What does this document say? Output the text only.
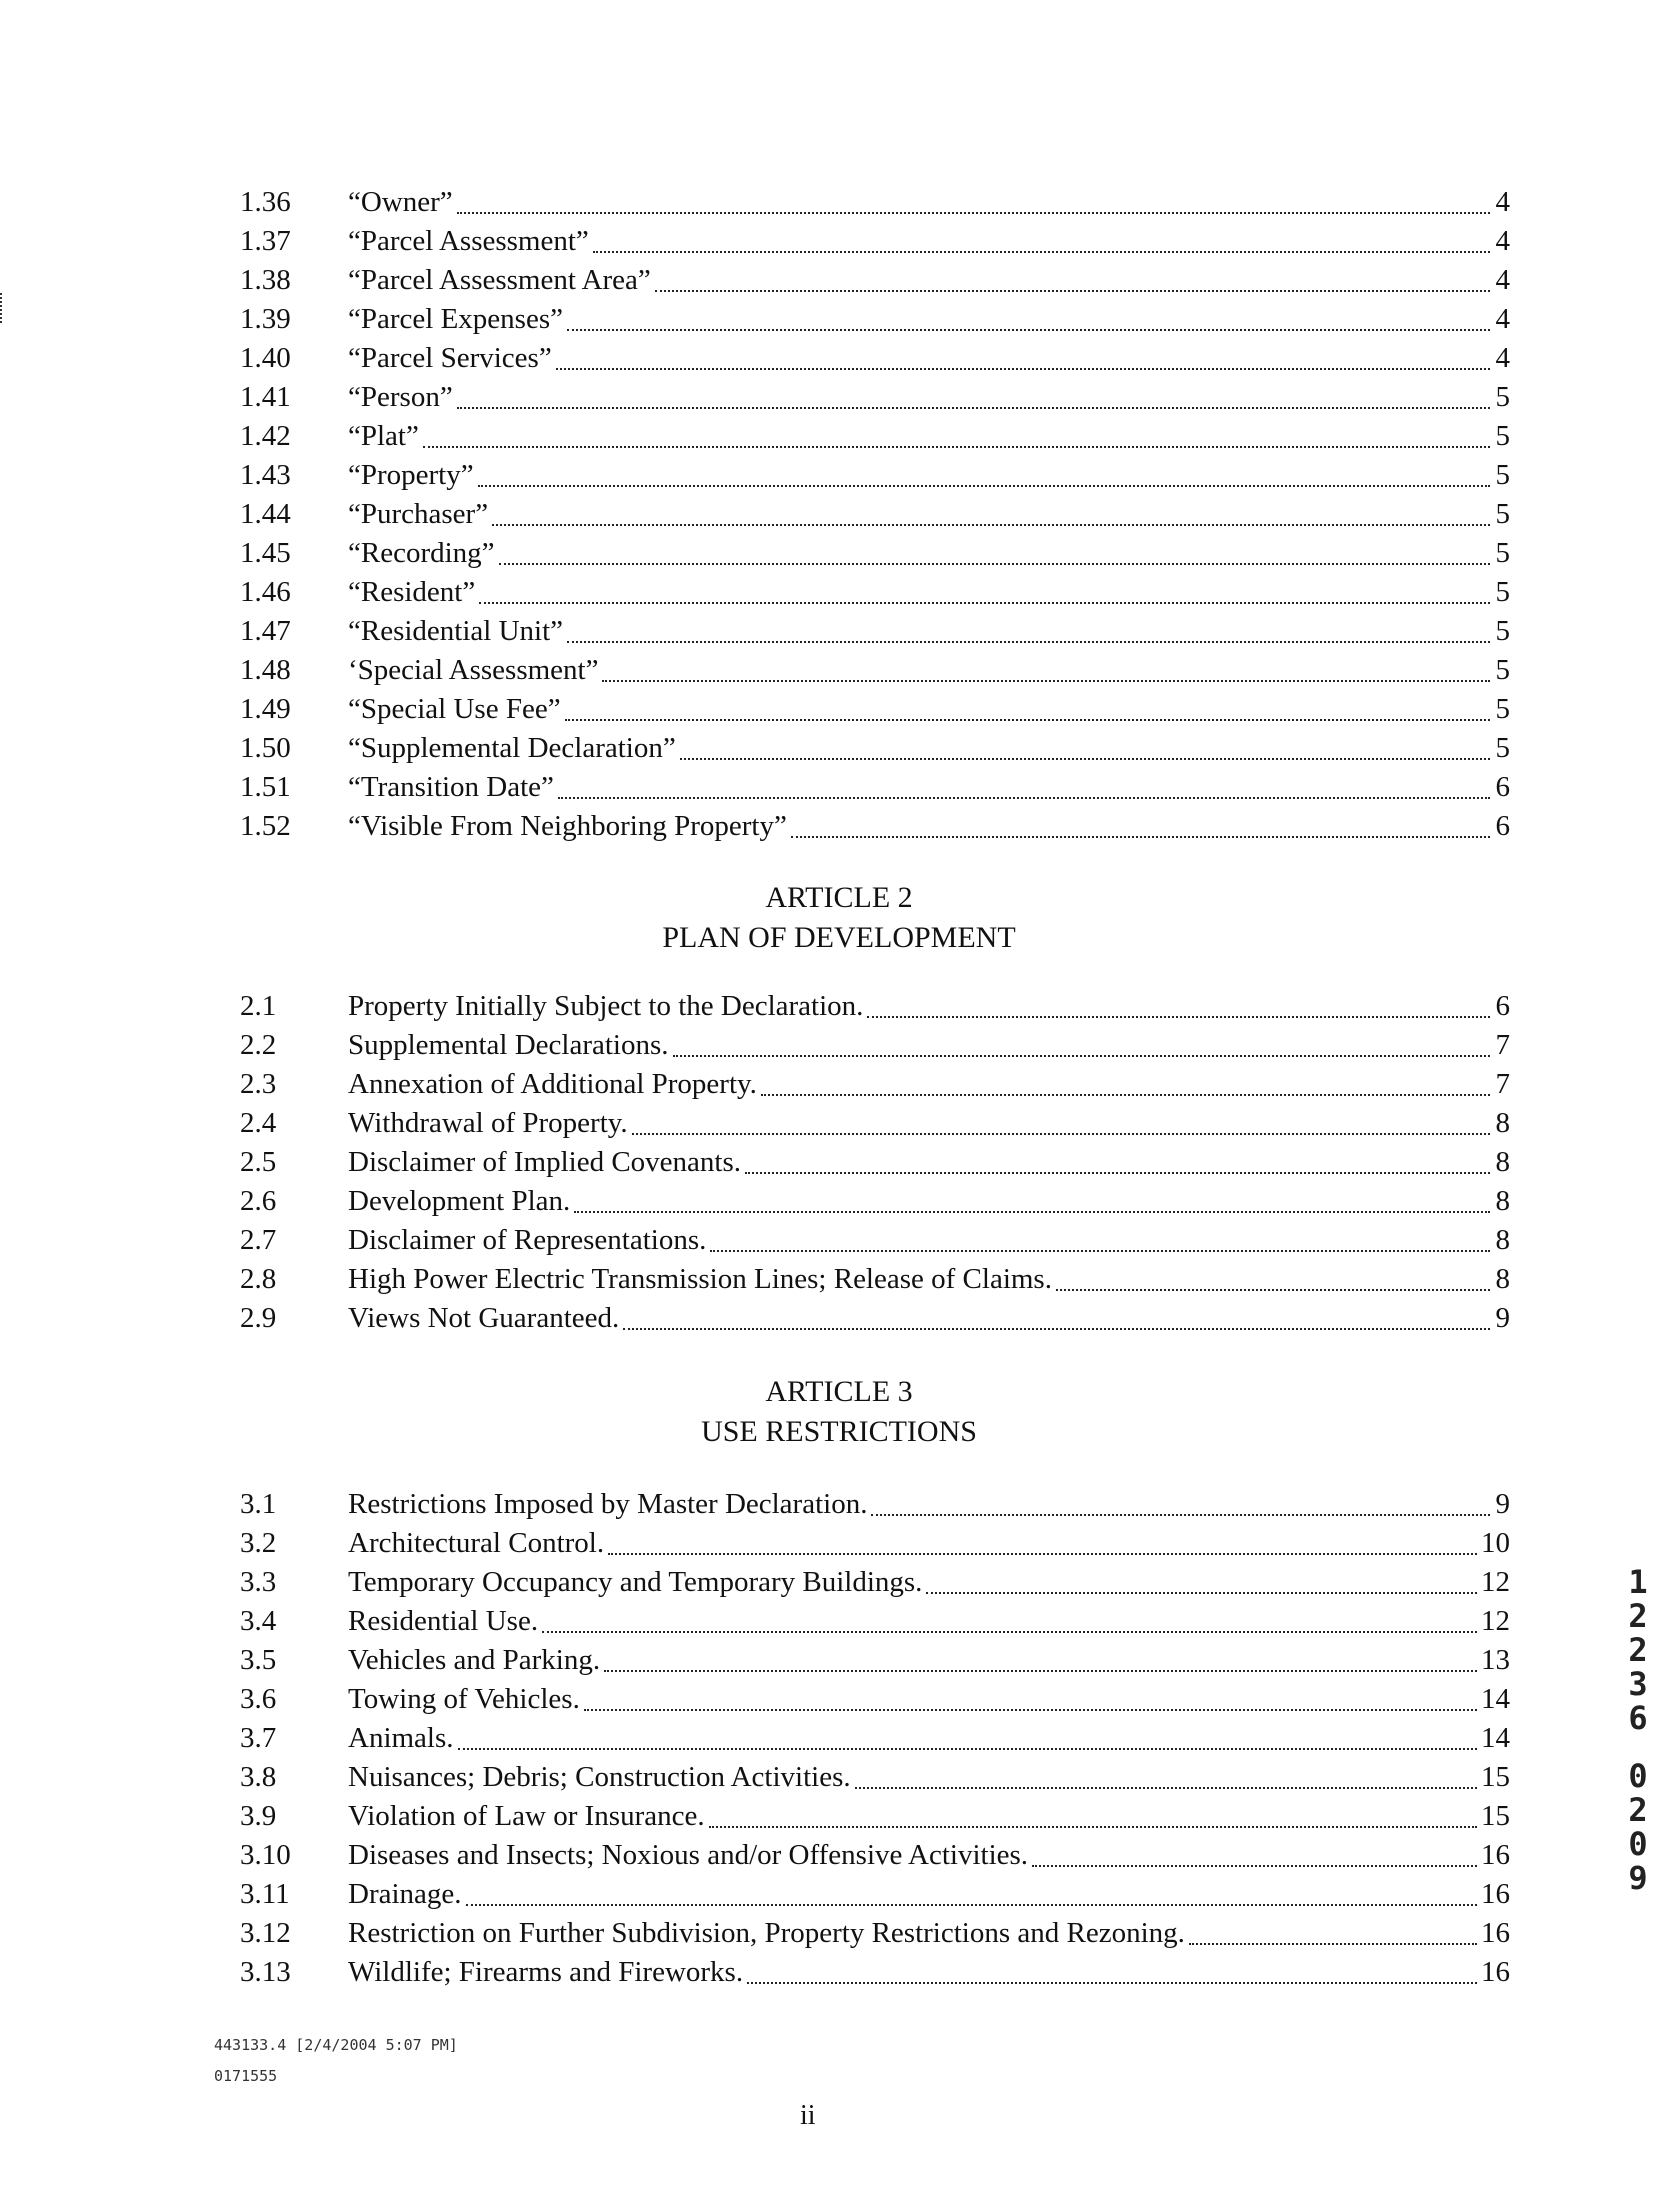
1.36	“Owner”	4
1.37	“Parcel Assessment”	4
1.38	“Parcel Assessment Area”	4
1.39	“Parcel Expenses”	4
1.40	“Parcel Services”	4
1.41	“Person”	5
1.42	“Plat”	5
1.43	“Property”	5
1.44	“Purchaser”	5
1.45	“Recording”	5
1.46	“Resident”	5
1.47	“Residential Unit”	5
1.48	‘Special Assessment”	5
1.49	“Special Use Fee”	5
1.50	“Supplemental Declaration”	5
1.51	“Transition Date”	6
1.52	“Visible From Neighboring Property”	6
ARTICLE 2
PLAN OF DEVELOPMENT
2.1	Property Initially Subject to the Declaration.	6
2.2	Supplemental Declarations.	7
2.3	Annexation of Additional Property.	7
2.4	Withdrawal of Property.	8
2.5	Disclaimer of Implied Covenants.	8
2.6	Development Plan.	8
2.7	Disclaimer of Representations.	8
2.8	High Power Electric Transmission Lines; Release of Claims.	8
2.9	Views Not Guaranteed.	9
ARTICLE 3
USE RESTRICTIONS
3.1	Restrictions Imposed by Master Declaration.	9
3.2	Architectural Control.	10
3.3	Temporary Occupancy and Temporary Buildings.	12
3.4	Residential Use.	12
3.5	Vehicles and Parking.	13
3.6	Towing of Vehicles.	14
3.7	Animals.	14
3.8	Nuisances; Debris; Construction Activities.	15
3.9	Violation of Law or Insurance.	15
3.10	Diseases and Insects; Noxious and/or Offensive Activities.	16
3.11	Drainage.	16
3.12	Restriction on Further Subdivision, Property Restrictions and Rezoning.	16
3.13	Wildlife; Firearms and Fireworks.	16
443133.4 [2/4/2004 5:07 PM]
0171555
ii
1
2
2
3
6
0
2
0
9
